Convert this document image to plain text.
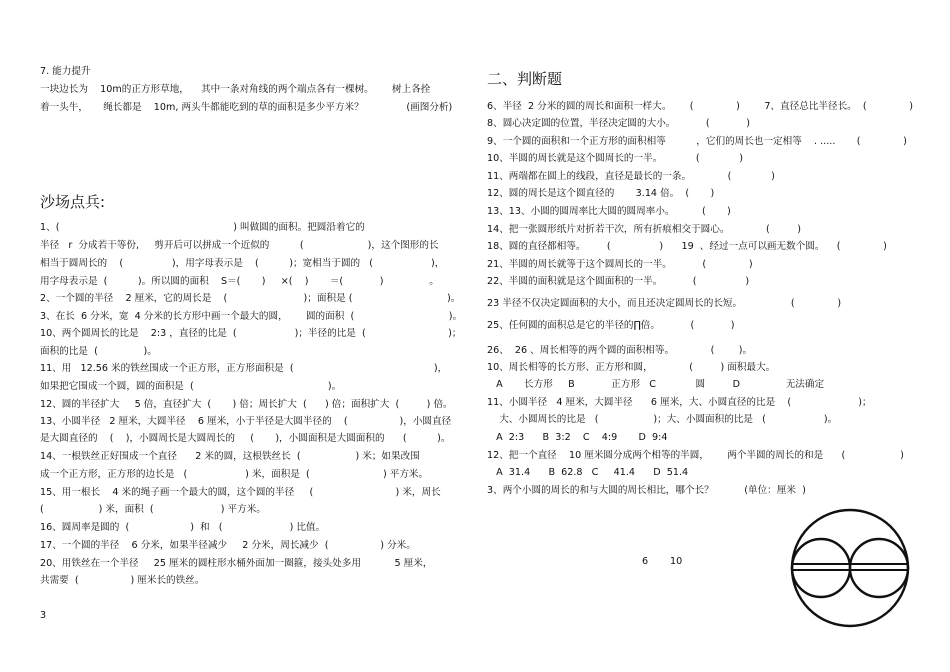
7. 能力提升
一块边长为    10m的正方形草地，    其中一条对角线的两个端点各有一棵树。      树上各拴
着一头牛，     绳长都是    10m, 两头牛都能吃到的草的面积是多少平方米？              (画图分析)
沙场点兵:
1、(                                                         ) 叫做圆的面积。把圆沿着它的
半径   r  分成若干等份,     剪开后可以拼成一个近似的          (                     )，这个图形的长
相当于圆周长的    (                )，用字母表示是    (          )；宽相当于圆的   (                   )，
用字母表示是  (          )。所以圆的面积    S＝(       )     ×(    )       ＝(            )               。
2、一个圆的半径    2 厘米，它的周长是    (                         )；面积是 (                               )。
3、在长  6 分米，宽  4 分米的长方形中画一个最大的圆，      圆的面积  (                               )。
10、两个圆周长的比是    2:3 ，直径的比是  (                   )；半径的比是  (                           )；
面积的比是  (               )。
11、用   12.56 米的铁丝围成一个正方形，正方形面积是  (                                              )，
如果把它围成一个圆，圆的面积是  (                                            )。
12、圆的半径扩大     5 倍，直径扩大  (       ) 倍；周长扩大  (      ) 倍；面积扩大  (         ) 倍。
13、小圆半径   2 厘米，大圆半径    6 厘米，小于半径是大圆半径的    (                 )，小圆直径
是大圆直径的    (    )，小圆周长是大圆周长的     (       )，小圆面积是大圆面积的      (          )。
14、一根铁丝正好围成一个直径      2 米的圆，这根铁丝长  (                  ) 米；如果改围
成一个正方形，正方形的边长是   (                   ) 米，面积是  (                        ) 平方米。
15、用一根长    4 米的绳子画一个最大的圆，这个圆的半径     (                           ) 米，周长
(                  ) 米，面积  (                      ) 平方米。
16、圆周率是圆的  (                    )  和   (                      ) 比值。
17、一个圆的半径    6 分米，如果半径减少     2 分米，周长减少  (                 ) 分米。
20、用铁丝在一个半径     25 厘米的圆柱形水桶外面加一圈箍，接头处多用           5 厘米，
共需要  (                 ) 厘米长的铁丝。
3
二、判断题
6、半径  2 分米的圆的周长和面积一样大。      (              )        7、直径总比半径长。  (              )
8、圆心决定圆的位置，半径决定圆的大小。          (            )
9、一个圆的面积和一个正方形的面积相等          ，它们的周长也一定相等    . .....       (              )
10、半圆的周长就是这个圆周长的一半。           (             )
11、两端都在圆上的线段，直径是最长的一条。            (             )
12、圆的周长是这个圆直径的       3.14 倍。  (       )
13、13、小圆的圆周率比大圆的圆周率小。         (       )
14、把一张圆形纸片对折若干次，所有折痕相交于圆心。            (         )
18、圆的直径都相等。       (                )      19  、经过一点可以画无数个圆。    (              )
21、半圆的周长就等于这个圆周长的一半。          (              )
22、半圆的面积就是这个圆面积的一半。          (                )
23 半径不仅决定圆面积的大小，而且还决定圆周长的长短。                (              )
25、任何圆的面积总是它的半径的∏倍。          (            )
26、  26 、周长相等的两个圆的面积相等。            (        )。
10、周长相等的长方形、正方形和圆，            (         ) 面积最大。
A       长方形     B            正方形   C             圆         D               无法确定
11、小圆半径   4 厘米，大圆半径      6 厘米，大、小圆直径的比是    (                      )；
大、小圆周长的比是   (                  )；大、小圆面积的比是   (                   )。
A  2:3      B  3:2    C    4:9       D  9:4
12、把一个直径    10 厘米圆分成两个相等的半圆，      两个半圆的周长的和是      (                  )
A  31.4      B  62.8   C     41.4      D  51.4
3、两个小圆的周长的和与大圆的周长相比，哪个长？          (单位：厘米  )
6 10
